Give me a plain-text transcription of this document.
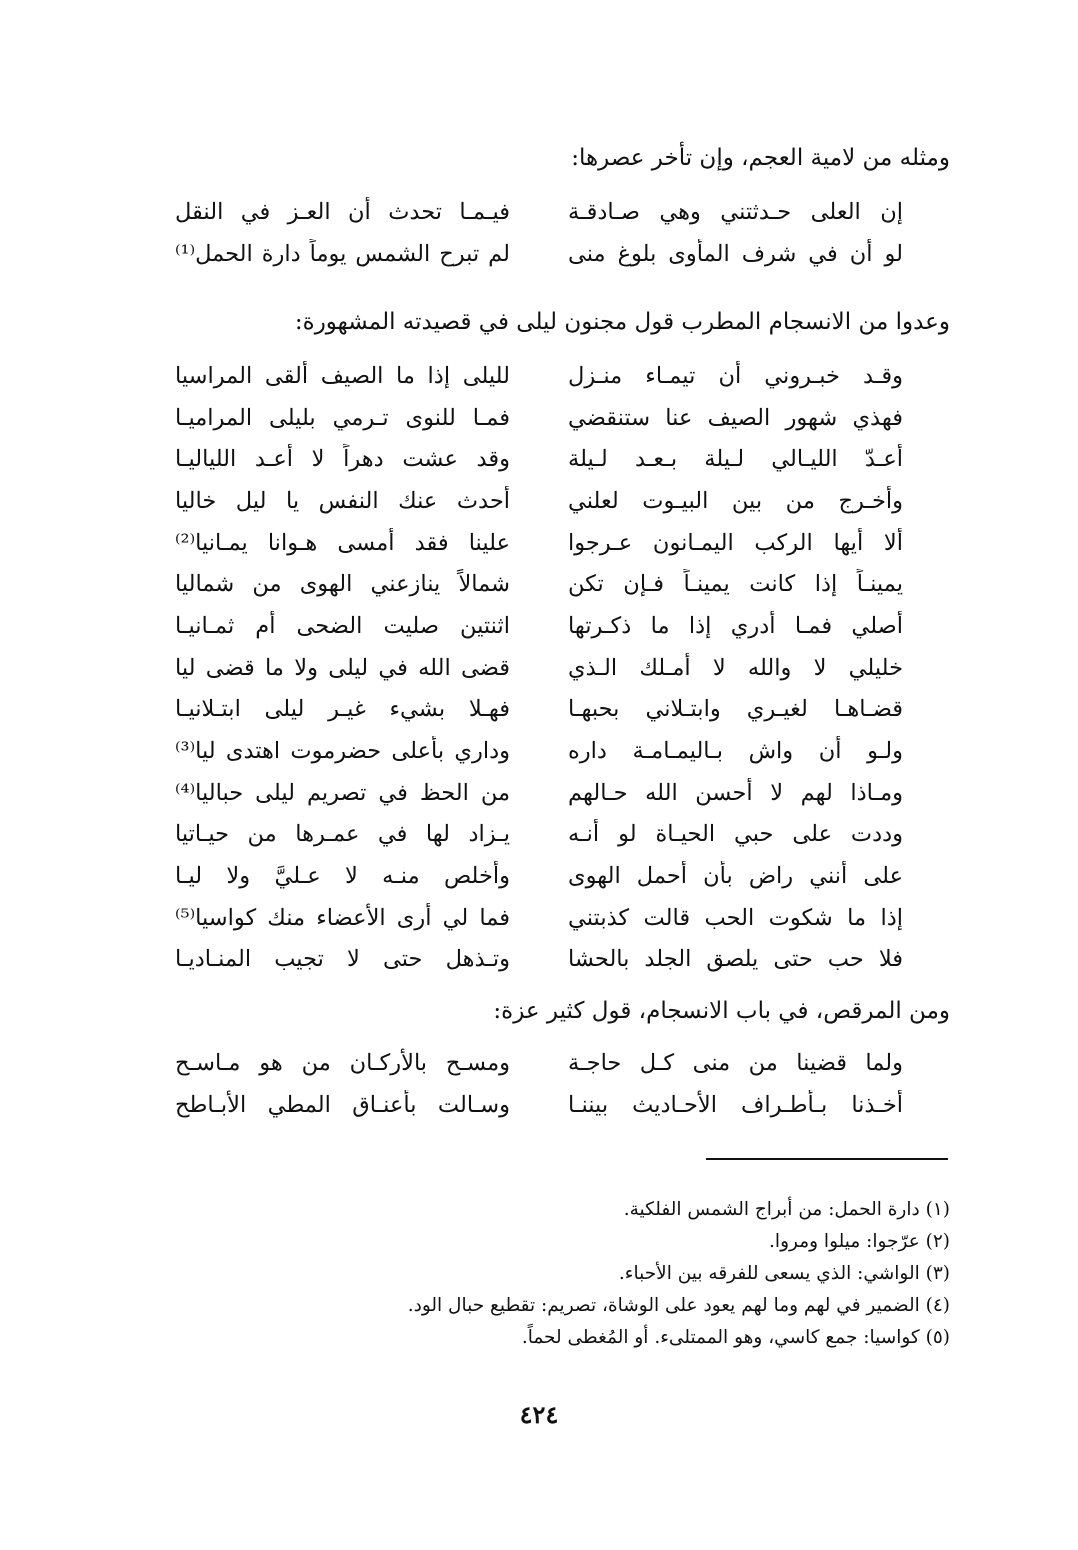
ومثله من لامية العجم، وإن تأخر عصرها:
إن العلى حـدثتني وهي صـادقـة
فيـمـا تحدث أن العـز في النقل
لو أن في شرف المأوى بلوغ منى
لم تبرح الشمس يوماً دارة الحمل⁽¹⁾
وعدوا من الانسجام المطرب قول مجنون ليلى في قصيدته المشهورة:
وقـد خبـروني أن تيمـاء منـزل
لليلى إذا ما الصيف ألقى المراسيا
فهذي شهور الصيف عنا ستنقضي
فمـا للنوى تـرمي بليلى المراميـا
أعـدّ الليـالي لـيلة بـعـد لـيلة
وقد عشت دهراً لا أعـد اللياليـا
وأخـرج من بين البيـوت لعلني
أحدث عنك النفس يا ليل خاليا
ألا أيها الركب اليمـانون عـرجوا
علينا فقد أمسى هـوانا يمـانيا⁽²⁾
يمينـاً إذا كانت يمينـاً فـإن تكن
شمالاً ينازعني الهوى من شماليا
أصلي فمـا أدري إذا ما ذكـرتها
اثنتين صليت الضحى أم ثمـانيـا
خليلي لا والله لا أمـلك الـذي
قضى الله في ليلى ولا ما قضى ليا
قضـاهـا لغيـري وابتـلاني بحبهـا
فهـلا بشيء غيـر ليلى ابتـلانيـا
ولـو أن واش بـاليمـامـة داره
وداري بأعلى حضرموت اهتدى ليا⁽³⁾
ومـاذا لهم لا أحسن الله حـالهم
من الحظ في تصريم ليلى حباليا⁽⁴⁾
وددت على حبي الحيـاة لو أنـه
يـزاد لها في عمـرها من حيـاتيا
على أنني راض بأن أحمل الهوى
وأخلص منـه لا عـليَّ ولا ليـا
إذا ما شكوت الحب قالت كذبتني
فما لي أرى الأعضاء منك كواسيا⁽⁵⁾
فلا حب حتى يلصق الجلد بالحشا
وتـذهل حتى لا تجيب المنـاديـا
ومن المرقص، في باب الانسجام، قول كثير عزة:
ولما قضينا من منى كـل حاجـة
ومسـح بالأركـان من هو مـاسـح
أخـذنا بـأطـراف الأحـاديث بيننـا
وسـالت بأعنـاق المطي الأبـاطح
(١) دارة الحمل: من أبراج الشمس الفلكية.
(٢) عرّجوا: ميلوا ومروا.
(٣) الواشي: الذي يسعى للفرقه بين الأحباء.
(٤) الضمير في لهم وما لهم يعود على الوشاة، تصريم: تقطيع حبال الود.
(٥) كواسيا: جمع كاسي، وهو الممتلىء. أو المُغطى لحماً.
٤٢٤
